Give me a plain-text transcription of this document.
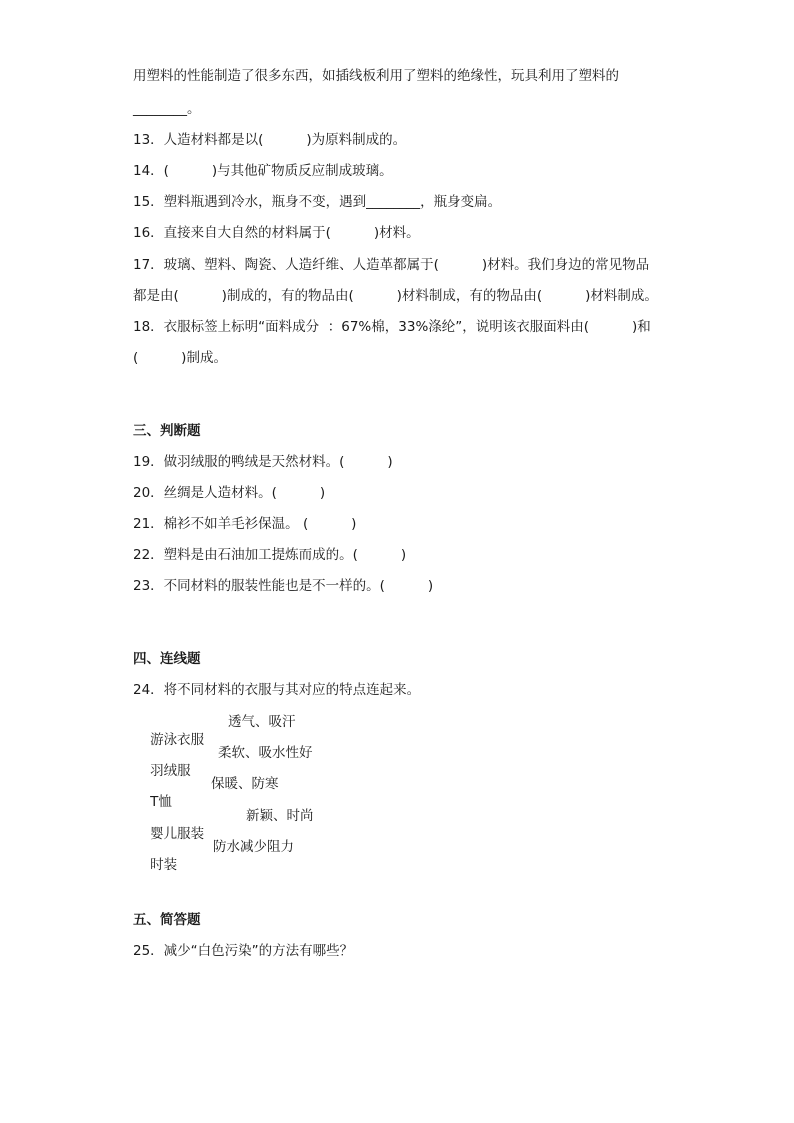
用塑料的性能制造了很多东西，如插线板利用了塑料的绝缘性，玩具利用了塑料的
________。
13．人造材料都是以(          )为原料制成的。
14．(          )与其他矿物质反应制成玻璃。
15．塑料瓶遇到冷水，瓶身不变，遇到________，瓶身变扁。
16．直接来自大自然的材料属于(          )材料。
17．玻璃、塑料、陶瓷、人造纤维、人造革都属于(          )材料。我们身边的常见物品
都是由(          )制成的，有的物品由(          )材料制成，有的物品由(          )材料制成。
18．衣服标签上标明“面料成分  ：67%棉，33%涤纶”，说明该衣服面料由(          )和
(          )制成。
三、判断题
19．做羽绒服的鸭绒是天然材料。(          )
20．丝绸是人造材料。(          )
21．棉衫不如羊毛衫保温。 (          )
22．塑料是由石油加工提炼而成的。(          )
23．不同材料的服装性能也是不一样的。(          )
四、连线题
24．将不同材料的衣服与其对应的特点连起来。

游泳衣服

透气、吸汗

羽绒服

柔软、吸水性好

T恤

保暖、防寒

婴儿服装

新颖、时尚

时装

防水减少阻力

五、简答题
25．减少“白色污染”的方法有哪些？
